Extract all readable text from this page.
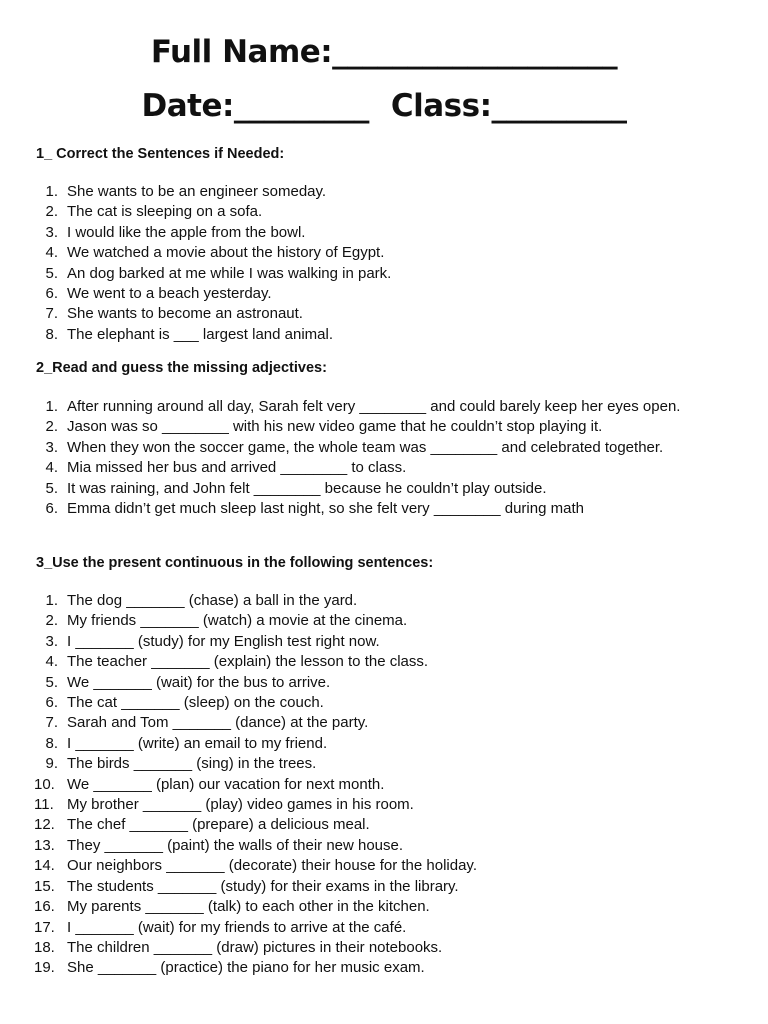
Full Name:___________________
Date:_________ Class:_________
1_ Correct the Sentences if Needed:
1. She wants to be an engineer someday.
2. The cat is sleeping on a sofa.
3. I would like the apple from the bowl.
4. We watched a movie about the history of Egypt.
5. An dog barked at me while I was walking in park.
6. We went to a beach yesterday.
7. She wants to become an astronaut.
8. The elephant is ___ largest land animal.
2_Read and guess the missing adjectives:
1. After running around all day, Sarah felt very ________ and could barely keep her eyes open.
2. Jason was so ________ with his new video game that he couldn’t stop playing it.
3. When they won the soccer game, the whole team was ________ and celebrated together.
4. Mia missed her bus and arrived ________ to class.
5. It was raining, and John felt ________ because he couldn’t play outside.
6. Emma didn’t get much sleep last night, so she felt very ________ during math
3_Use the present continuous in the following sentences:
1. The dog _______ (chase) a ball in the yard.
2. My friends _______ (watch) a movie at the cinema.
3. I _______ (study) for my English test right now.
4. The teacher _______ (explain) the lesson to the class.
5. We _______ (wait) for the bus to arrive.
6. The cat _______ (sleep) on the couch.
7. Sarah and Tom _______ (dance) at the party.
8. I _______ (write) an email to my friend.
9. The birds _______ (sing) in the trees.
10. We _______ (plan) our vacation for next month.
11. My brother _______ (play) video games in his room.
12. The chef _______ (prepare) a delicious meal.
13. They _______ (paint) the walls of their new house.
14. Our neighbors _______ (decorate) their house for the holiday.
15. The students _______ (study) for their exams in the library.
16. My parents _______ (talk) to each other in the kitchen.
17. I _______ (wait) for my friends to arrive at the café.
18. The children _______ (draw) pictures in their notebooks.
19. She _______ (practice) the piano for her music exam.
